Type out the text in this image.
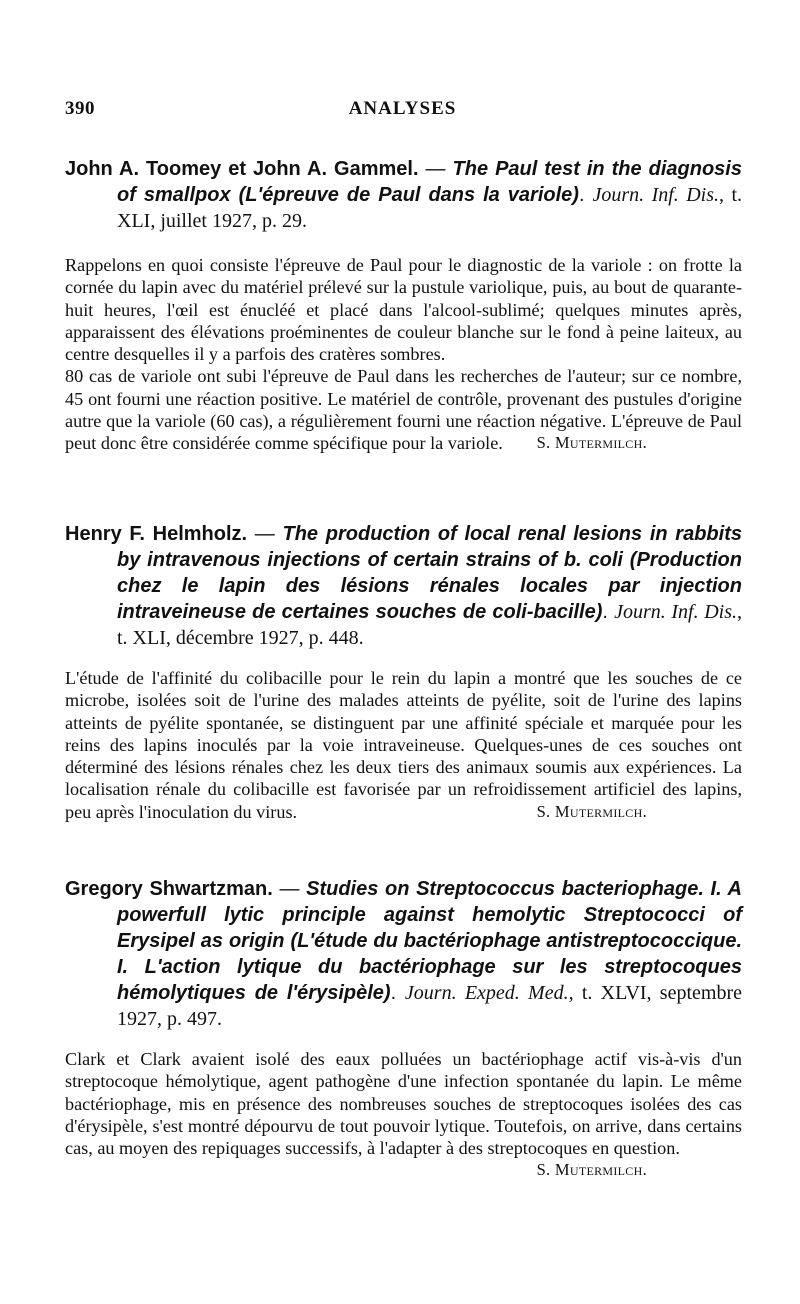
390	ANALYSES

John A. Toomey et John A. Gammel. — The Paul test in the diagnosis of smallpox (L'épreuve de Paul dans la variole). Journ. Inf. Dis., t. XLI, juillet 1927, p. 29.

Rappelons en quoi consiste l'épreuve de Paul pour le diagnostic de la variole : on frotte la cornée du lapin avec du matériel prélevé sur la pustule variolique, puis, au bout de quarante-huit heures, l'œil est énucléé et placé dans l'alcool-sublimé; quelques minutes après, apparaissent des élévations proéminentes de couleur blanche sur le fond à peine laiteux, au centre desquelles il y a parfois des cratères sombres.

80 cas de variole ont subi l'épreuve de Paul dans les recherches de l'auteur; sur ce nombre, 45 ont fourni une réaction positive. Le matériel de contrôle, provenant des pustules d'origine autre que la variole (60 cas), a régulièrement fourni une réaction négative. L'épreuve de Paul peut donc être considérée comme spécifique pour la variole. S. Mutermilch.

Henry F. Helmholz. — The production of local renal lesions in rabbits by intravenous injections of certain strains of b. coli (Production chez le lapin des lésions rénales locales par injection intraveineuse de certaines souches de coli-bacille). Journ. Inf. Dis., t. XLI, décembre 1927, p. 448.

L'étude de l'affinité du colibacille pour le rein du lapin a montré que les souches de ce microbe, isolées soit de l'urine des malades atteints de pyélite, soit de l'urine des lapins atteints de pyélite spontanée, se distinguent par une affinité spéciale et marquée pour les reins des lapins inoculés par la voie intraveineuse. Quelques-unes de ces souches ont déterminé des lésions rénales chez les deux tiers des animaux soumis aux expériences. La localisation rénale du colibacille est favorisée par un refroidissement artificiel des lapins, peu après l'inoculation du virus.	S. Mutermilch.

Gregory Shwartzman. — Studies on Streptococcus bacteriophage. I. A powerfull lytic principle against hemolytic Streptococci of Erysipel as origin (L'étude du bactériophage antistreptococcique. I. L'action lytique du bactériophage sur les streptocoques hémolytiques de l'érysipèle). Journ. Exped. Med., t. XLVI, septembre 1927, p. 497.

Clark et Clark avaient isolé des eaux polluées un bactériophage actif vis-à-vis d'un streptocoque hémolytique, agent pathogène d'une infection spontanée du lapin. Le même bactériophage, mis en présence des nombreuses souches de streptocoques isolées des cas d'érysipèle, s'est montré dépourvu de tout pouvoir lytique. Toutefois, on arrive, dans certains cas, au moyen des repiquages successifs, à l'adapter à des streptocoques en question.

S. Mutermilch.
